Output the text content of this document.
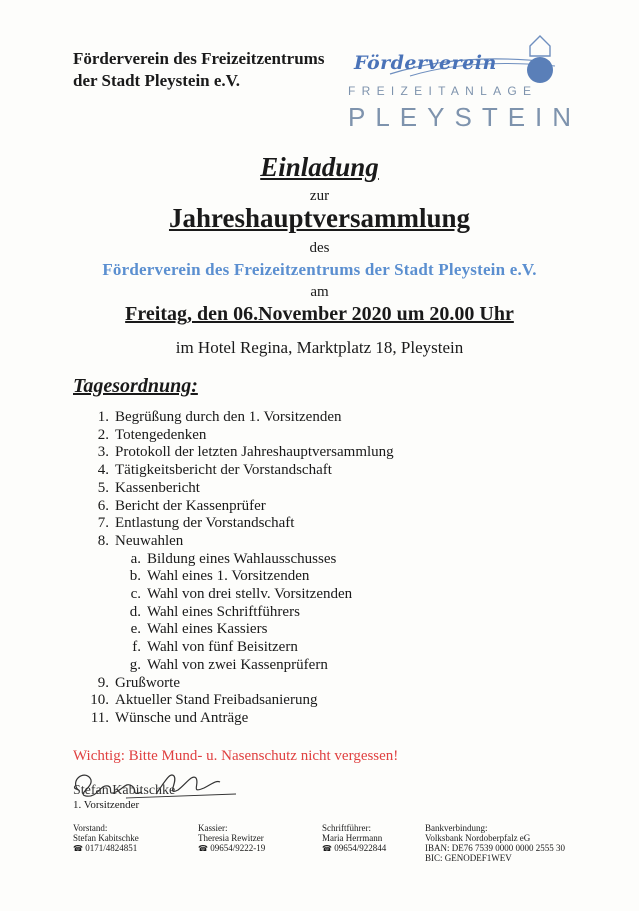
Förderverein des Freizeitzentrums
der Stadt Pleystein e.V.
Förderverein
FREIZEITANLAGE
PLEYSTEIN
Einladung
zur
Jahreshauptversammlung
des
Förderverein des Freizeitzentrums der Stadt Pleystein e.V.
am
Freitag, den 06.November 2020 um 20.00 Uhr
im Hotel Regina, Marktplatz 18, Pleystein
Tagesordnung:
1. Begrüßung durch den 1. Vorsitzenden
2. Totengedenken
3. Protokoll der letzten Jahreshauptversammlung
4. Tätigkeitsbericht der Vorstandschaft
5. Kassenbericht
6. Bericht der Kassenprüfer
7. Entlastung der Vorstandschaft
8. Neuwahlen
a. Bildung eines Wahlausschusses
b. Wahl eines 1. Vorsitzenden
c. Wahl von drei stellv. Vorsitzenden
d. Wahl eines Schriftführers
e. Wahl eines Kassiers
f. Wahl von fünf Beisitzern
g. Wahl von zwei Kassenprüfern
9. Grußworte
10. Aktueller Stand Freibadsanierung
11. Wünsche und Anträge
Wichtig: Bitte Mund- u. Nasenschutz nicht vergessen!
Stefan Kabitschke
1. Vorsitzender
Vorstand:
Stefan Kabitschke
☎ 0171/4824851
Kassier:
Theresia Rewitzer
☎ 09654/9222-19
Schriftführer:
Maria Herrmann
☎ 09654/922844
Bankverbindung:
Volksbank Nordoberpfalz eG
IBAN: DE76 7539 0000 0000 2555 30
BIC: GENODEF1WEV
